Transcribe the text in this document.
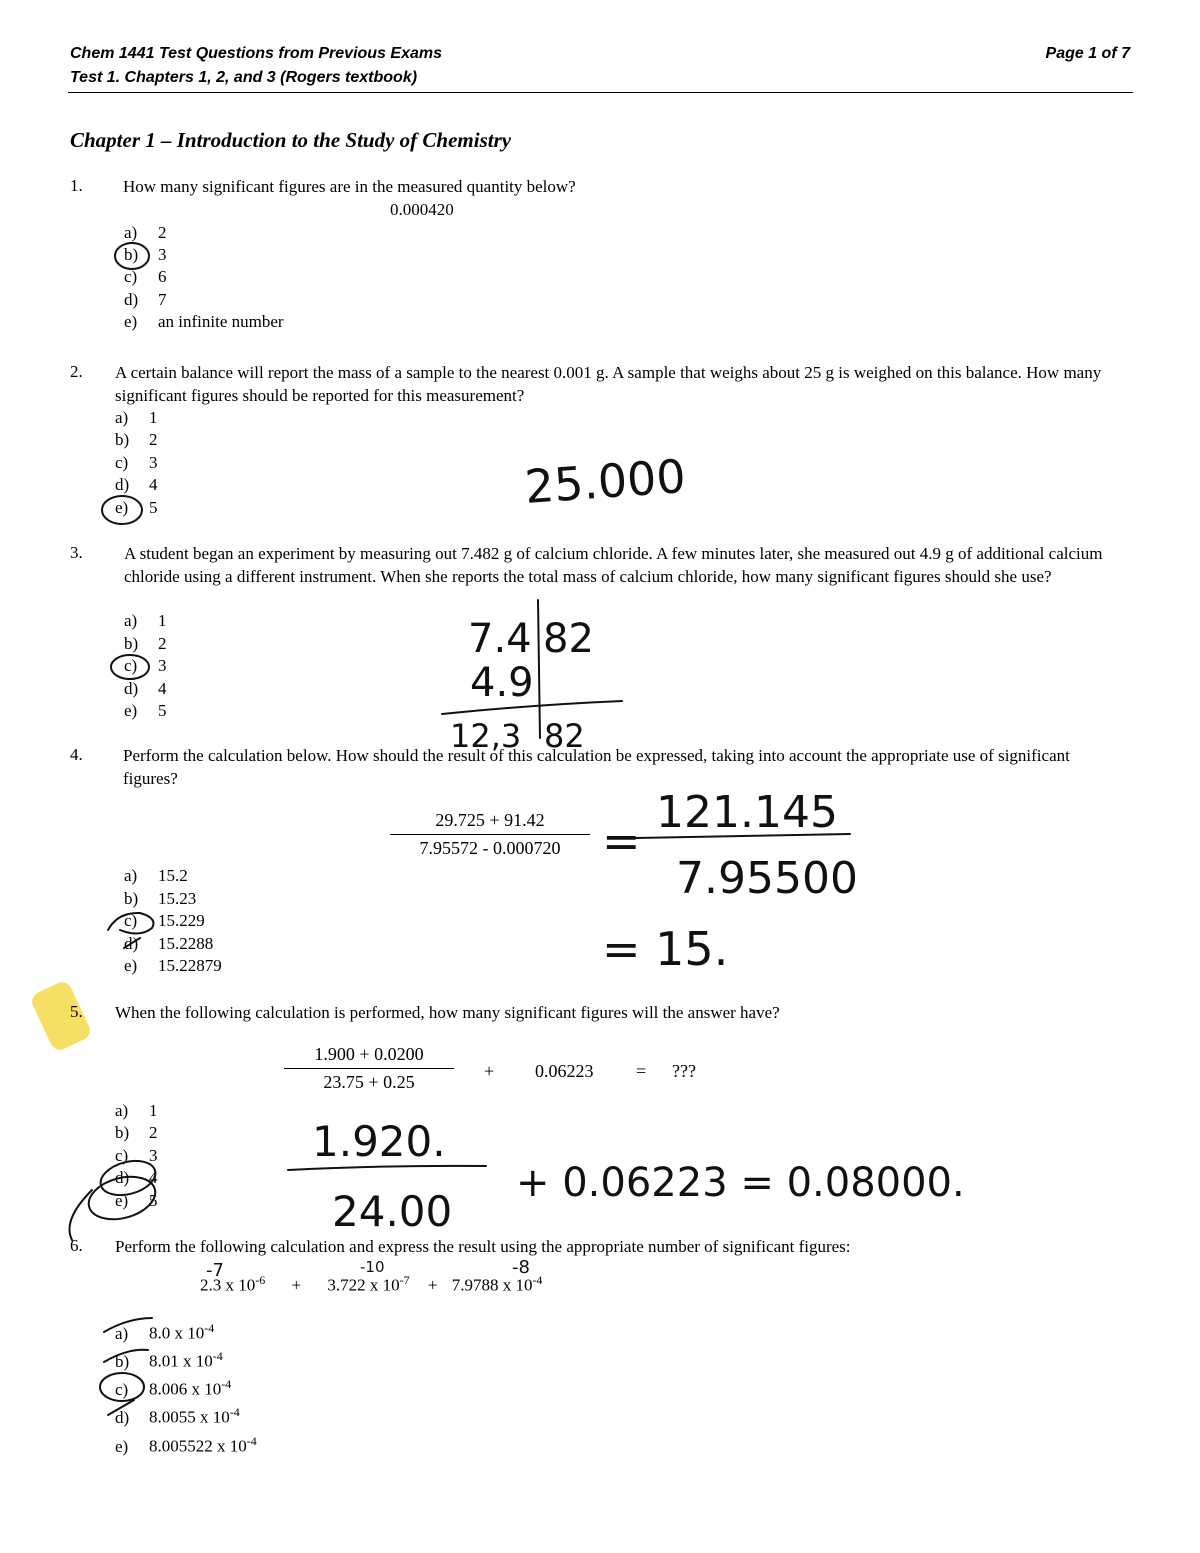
Chem 1441 Test Questions from Previous Exams
Test 1. Chapters 1, 2, and 3 (Rogers textbook)
Page 1 of 7
Chapter 1 – Introduction to the Study of Chemistry
1. How many significant figures are in the measured quantity below?
0.000420
a) 2
b) 3
c) 6
d) 7
e) an infinite number
2. A certain balance will report the mass of a sample to the nearest 0.001 g. A sample that weighs about 25 g is weighed on this balance. How many significant figures should be reported for this measurement?
a) 1
b) 2
c) 3
d) 4
e) 5
3. A student began an experiment by measuring out 7.482 g of calcium chloride. A few minutes later, she measured out 4.9 g of additional calcium chloride using a different instrument. When she reports the total mass of calcium chloride, how many significant figures should she use?
a) 1
b) 2
c) 3
d) 4
e) 5
4. Perform the calculation below. How should the result of this calculation be expressed, taking into account the appropriate use of significant figures?
$\frac{29.725 + 91.42}{7.95572 - 0.000720}$
a) 15.2
b) 15.23
c) 15.229
d) 15.2288
e) 15.22879
5. When the following calculation is performed, how many significant figures will the answer have?
$\frac{1.900 + 0.0200}{23.75 + 0.25} + 0.06223$ = ???
a) 1
b) 2
c) 3
d) 4
e) 5
6. Perform the following calculation and express the result using the appropriate number of significant figures:
2.3 x $10^{-6} + 3.722$ x $10^{-7} + 7.9788$ x $10^{-4}$
a) 8.0 x $10^{-4}$
b) 8.01 x $10^{-4}$
c) 8.006 x $10^{-4}$
d) 8.0055 x $10^{-4}$
e) 8.005522 x $10^{-4}$
25.000
7.4 82
4.9
12,3 82
=
121.145
7.95500
= 15.
1.920.
24.00
+ 0.06223 = 0.08000.
-7	-10	-8
